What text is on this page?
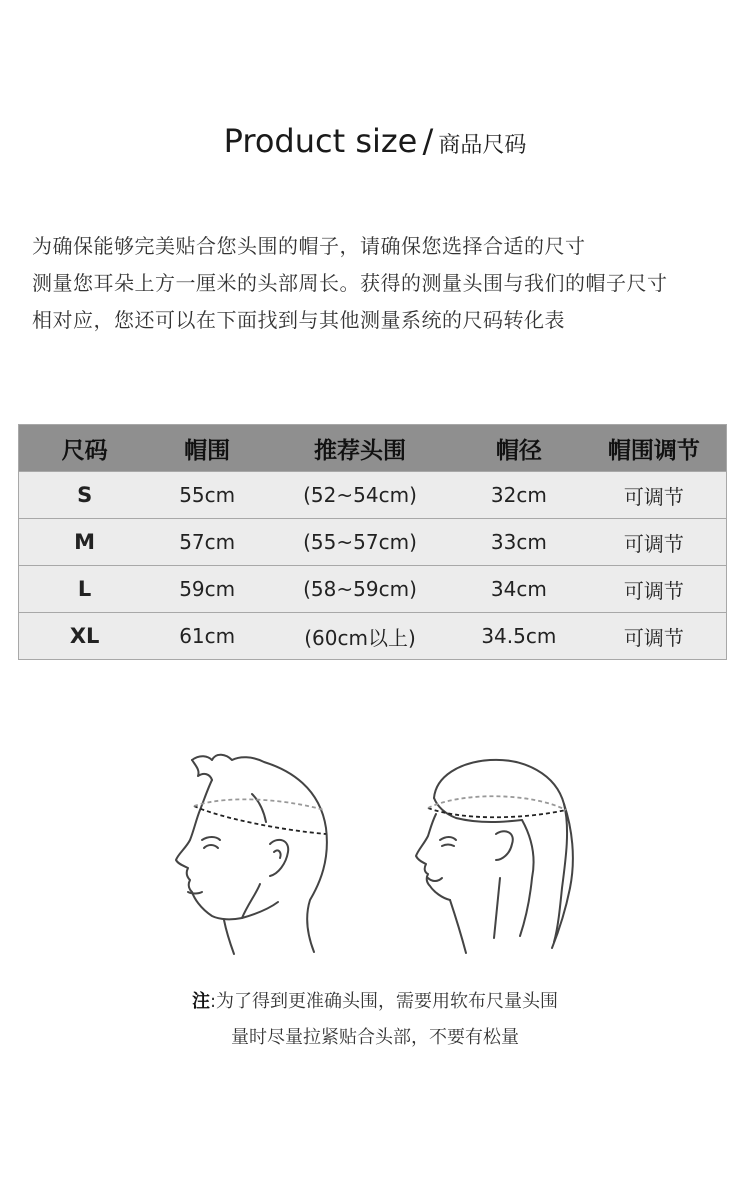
Product size / 商品尺码
为确保能够完美贴合您头围的帽子，请确保您选择合适的尺寸
测量您耳朵上方一厘米的头部周长。获得的测量头围与我们的帽子尺寸
相对应，您还可以在下面找到与其他测量系统的尺码转化表
尺码	帽围	推荐头围	帽径	帽围调节
S	55cm	(52~54cm)	32cm	可调节
M	57cm	(55~57cm)	33cm	可调节
L	59cm	(58~59cm)	34cm	可调节
XL	61cm	(60cm以上)	34.5cm	可调节
注:为了得到更准确头围，需要用软布尺量头围
量时尽量拉紧贴合头部，不要有松量
